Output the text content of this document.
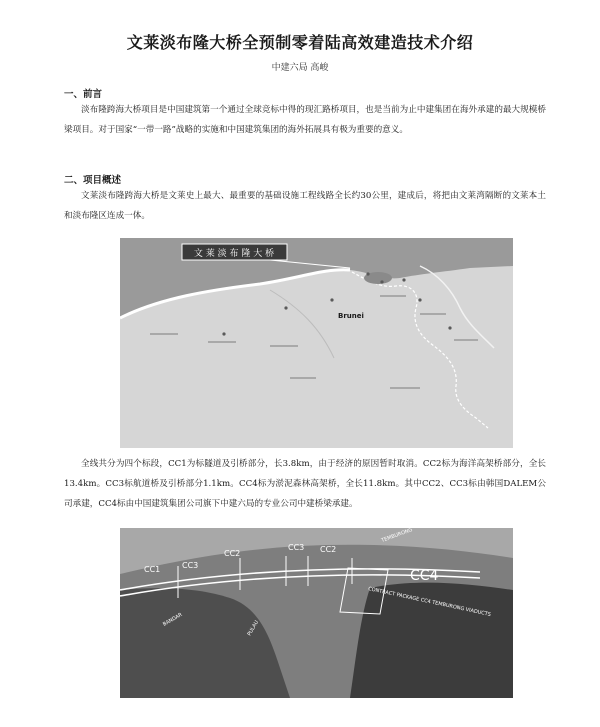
文莱淡布隆大桥全预制零着陆高效建造技术介绍

中建六局 高峻

一、前言

淡布隆跨海大桥项目是中国建筑第一个通过全球竞标中得的现汇路桥项目，也是当前为止中建集团在海外承建的最大规模桥梁项目。对于国家“一带一路”战略的实施和中国建筑集团的海外拓展具有极为重要的意义。

二、项目概述

文莱淡布隆跨海大桥是文莱史上最大、最重要的基础设施工程线路全长约30公里，建成后，将把由文莱湾隔断的文莱本土和淡布隆区连成一体。

文 莱 淡 布 隆 大 桥
Brunei

全线共分为四个标段，CC1为标隧道及引桥部分，长3.8km，由于经济的原因暂时取消。CC2标为海洋高架桥部分，全长13.4km。CC3标航道桥及引桥部分1.1km。CC4标为淤泥森林高架桥，全长11.8km。其中CC2、CC3标由韩国DALEM公司承建，CC4标由中国建筑集团公司旗下中建六局的专业公司中建桥梁承建。

CC1	CC3
CC2
CC3 CC2
CC4
CONTRACT PACKAGE CC4 TEMBURONG VIADUCTS
TEMBURONG
BANDAR	PULAU
